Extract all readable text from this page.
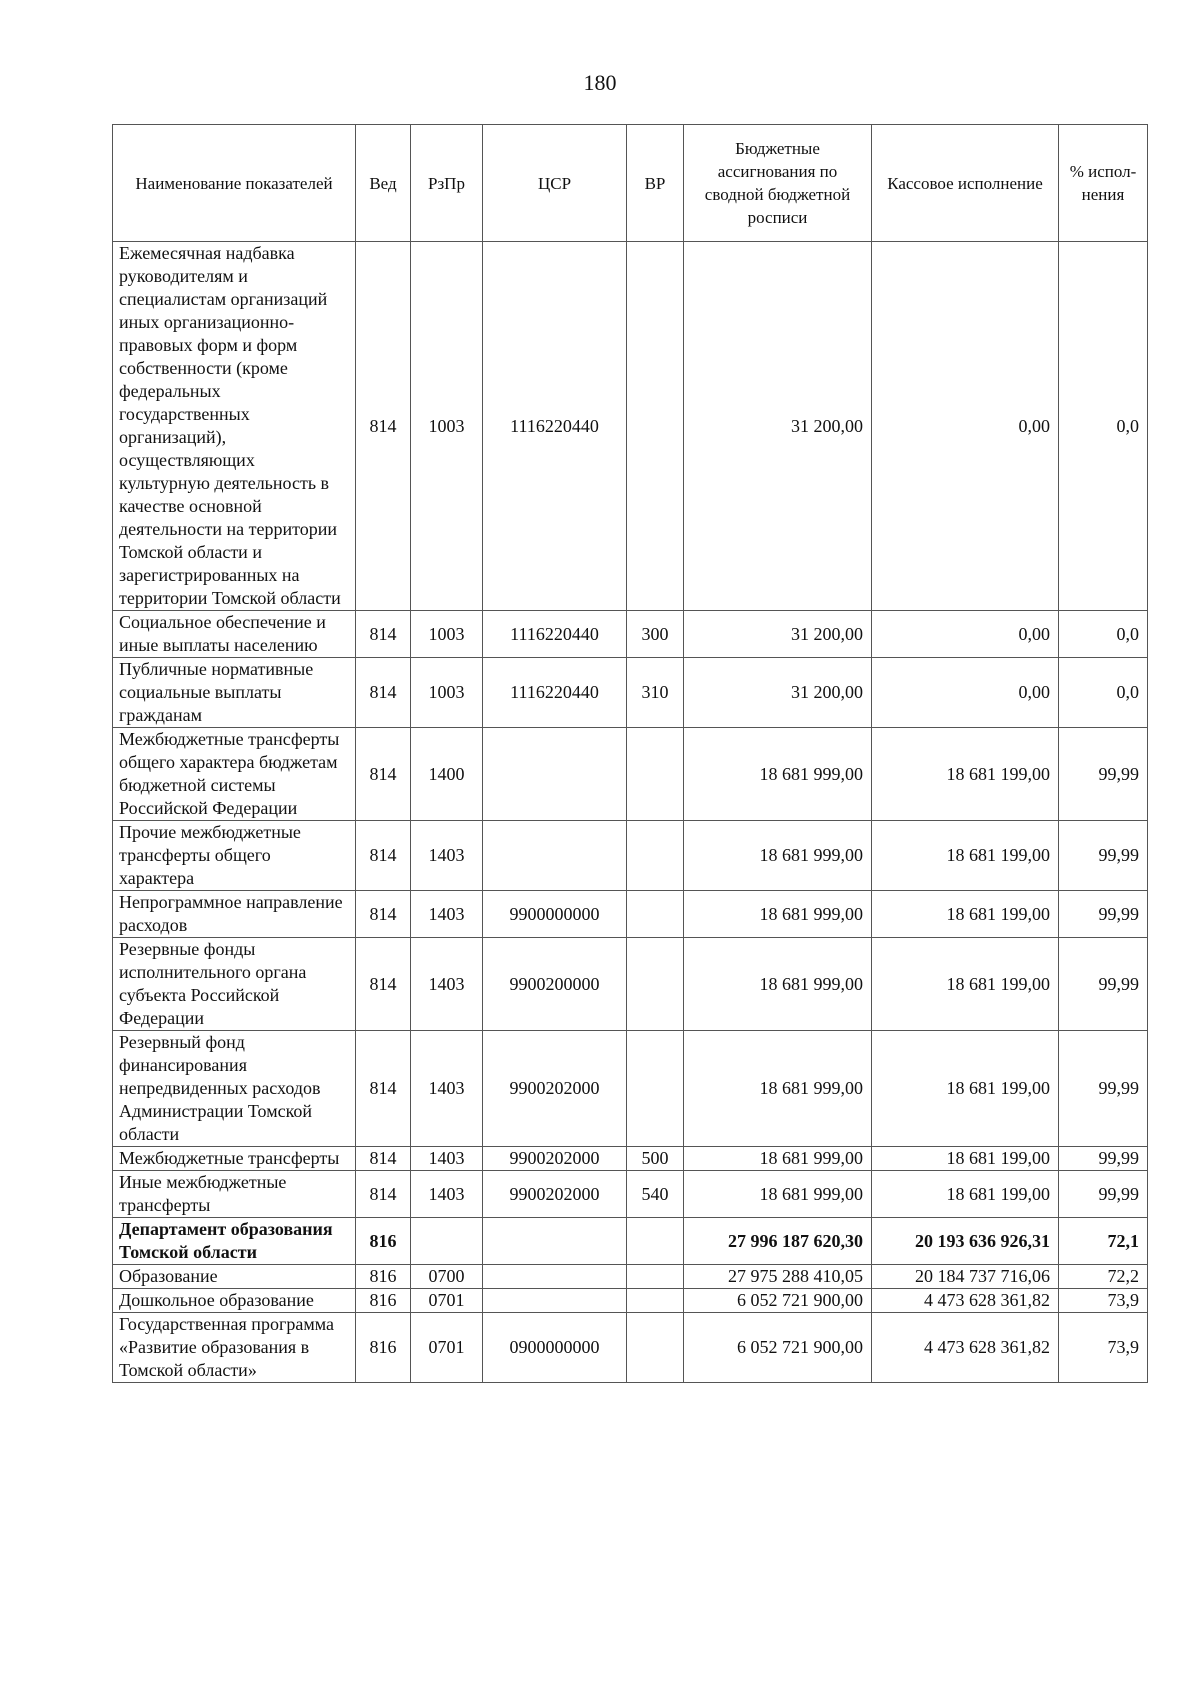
180
Наименование показателей	Вед	РзПр	ЦСР	ВР	Бюджетные ассигнования по сводной бюджетной росписи	Кассовое исполнение	% испол-нения
Ежемесячная надбавка руководителям и специалистам организаций иных организационно-правовых форм и форм собственности (кроме федеральных государственных организаций), осуществляющих культурную деятельность в качестве основной деятельности на территории Томской области и зарегистрированных на территории Томской области	814	1003	1116220440		31 200,00	0,00	0,0
Социальное обеспечение и иные выплаты населению	814	1003	1116220440	300	31 200,00	0,00	0,0
Публичные нормативные социальные выплаты гражданам	814	1003	1116220440	310	31 200,00	0,00	0,0
Межбюджетные трансферты общего характера бюджетам бюджетной системы Российской Федерации	814	1400			18 681 999,00	18 681 199,00	99,99
Прочие межбюджетные трансферты общего характера	814	1403			18 681 999,00	18 681 199,00	99,99
Непрограммное направление расходов	814	1403	9900000000		18 681 999,00	18 681 199,00	99,99
Резервные фонды исполнительного органа субъекта Российской Федерации	814	1403	9900200000		18 681 999,00	18 681 199,00	99,99
Резервный фонд финансирования непредвиденных расходов Администрации Томской области	814	1403	9900202000		18 681 999,00	18 681 199,00	99,99
Межбюджетные трансферты	814	1403	9900202000	500	18 681 999,00	18 681 199,00	99,99
Иные межбюджетные трансферты	814	1403	9900202000	540	18 681 999,00	18 681 199,00	99,99
Департамент образования Томской области	816				27 996 187 620,30	20 193 636 926,31	72,1
Образование	816	0700			27 975 288 410,05	20 184 737 716,06	72,2
Дошкольное образование	816	0701			6 052 721 900,00	4 473 628 361,82	73,9
Государственная программа «Развитие образования в Томской области»	816	0701	0900000000		6 052 721 900,00	4 473 628 361,82	73,9
